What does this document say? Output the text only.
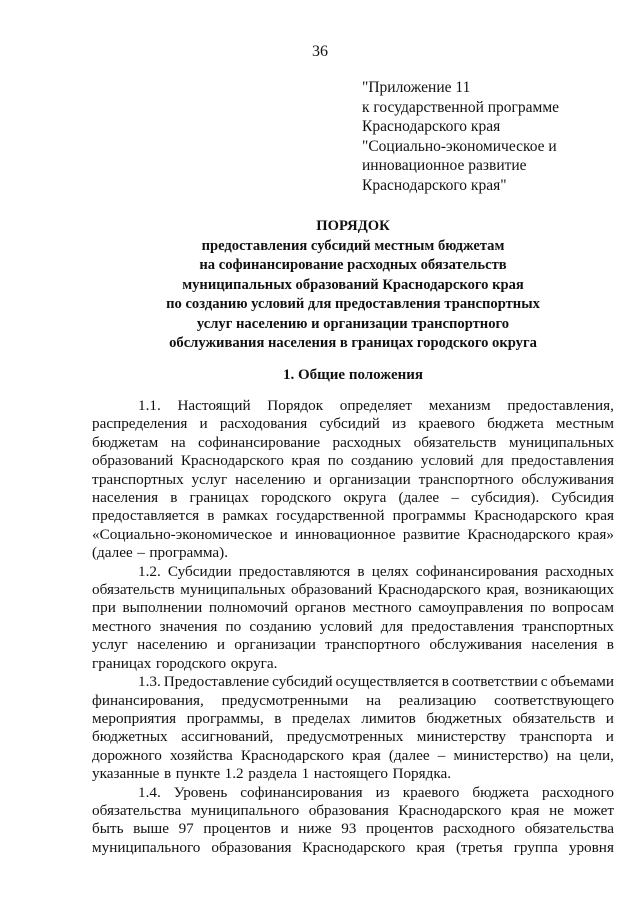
36
"Приложение 11
к государственной программе
Краснодарского края
"Социально-экономическое и
инновационное развитие
Краснодарского края"
ПОРЯДОК
предоставления субсидий местным бюджетам
на софинансирование расходных обязательств
муниципальных образований Краснодарского края
по созданию условий для предоставления транспортных
услуг населению и организации транспортного
обслуживания населения в границах городского округа
1. Общие положения
1.1. Настоящий Порядок определяет механизм предоставления,
распределения и расходования субсидий из краевого бюджета местным
бюджетам на софинансирование расходных обязательств муниципальных
образований Краснодарского края по созданию условий для предоставления
транспортных услуг населению и организации транспортного обслуживания
населения в границах городского округа (далее – субсидия). Субсидия
предоставляется в рамках государственной программы Краснодарского края
«Социально-экономическое и инновационное развитие Краснодарского края»
(далее – программа).
1.2. Субсидии предоставляются в целях софинансирования расходных
обязательств муниципальных образований Краснодарского края, возникающих
при выполнении полномочий органов местного самоуправления по вопросам
местного значения по созданию условий для предоставления транспортных
услуг населению и организации транспортного обслуживания населения в
границах городского округа.
1.3. Предоставление субсидий осуществляется в соответствии с объемами
финансирования, предусмотренными на реализацию соответствующего
мероприятия программы, в пределах лимитов бюджетных обязательств и
бюджетных ассигнований, предусмотренных министерству транспорта и
дорожного хозяйства Краснодарского края (далее – министерство) на цели,
указанные в пункте 1.2 раздела 1 настоящего Порядка.
1.4. Уровень софинансирования из краевого бюджета расходного
обязательства муниципального образования Краснодарского края не может
быть выше 97 процентов и ниже 93 процентов расходного обязательства
муниципального образования Краснодарского края (третья группа уровня
